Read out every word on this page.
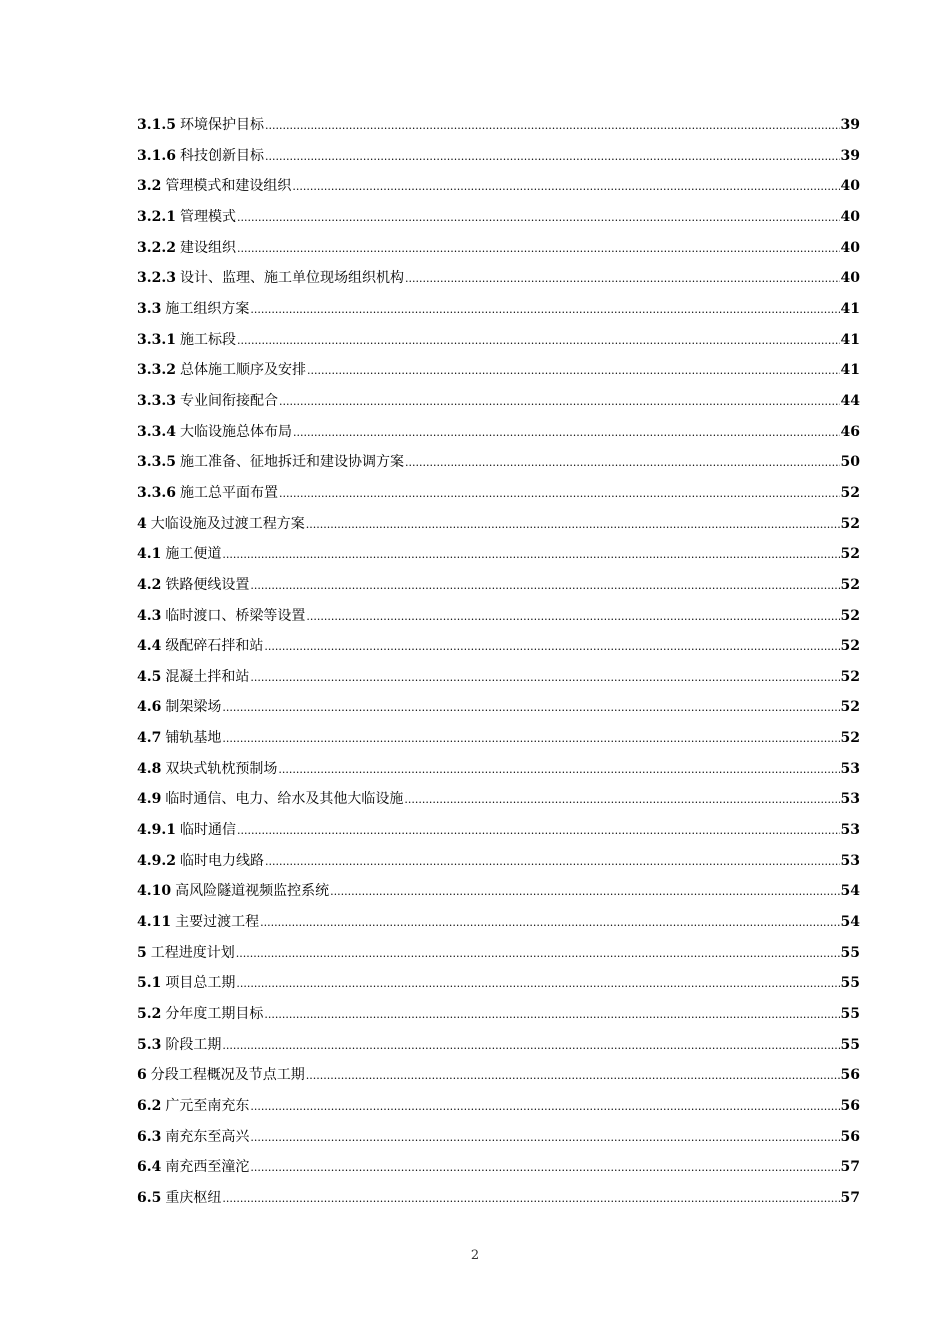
3.1.5 环境保护目标 .....	39
3.1.6 科技创新目标 .....	39
3.2 管理模式和建设组织 .....	40
3.2.1 管理模式 .....	40
3.2.2 建设组织 .....	40
3.2.3 设计、监理、施工单位现场组织机构 .....	40
3.3 施工组织方案 .....	41
3.3.1 施工标段 .....	41
3.3.2 总体施工顺序及安排 .....	41
3.3.3 专业间衔接配合 .....	44
3.3.4 大临设施总体布局 .....	46
3.3.5 施工准备、征地拆迁和建设协调方案 .....	50
3.3.6 施工总平面布置 .....	52
4 大临设施及过渡工程方案 .....	52
4.1 施工便道 .....	52
4.2 铁路便线设置 .....	52
4.3 临时渡口、桥梁等设置 .....	52
4.4 级配碎石拌和站 .....	52
4.5 混凝土拌和站 .....	52
4.6 制架梁场 .....	52
4.7 铺轨基地 .....	52
4.8 双块式轨枕预制场 .....	53
4.9 临时通信、电力、给水及其他大临设施 .....	53
4.9.1 临时通信 .....	53
4.9.2 临时电力线路 .....	53
4.10 高风险隧道视频监控系统 .....	54
4.11 主要过渡工程 .....	54
5 工程进度计划 .....	55
5.1 项目总工期 .....	55
5.2 分年度工期目标 .....	55
5.3 阶段工期 .....	55
6 分段工程概况及节点工期 .....	56
6.2 广元至南充东 .....	56
6.3 南充东至高兴 .....	56
6.4 南充西至潼沱 .....	57
6.5 重庆枢纽 .....	57
2
